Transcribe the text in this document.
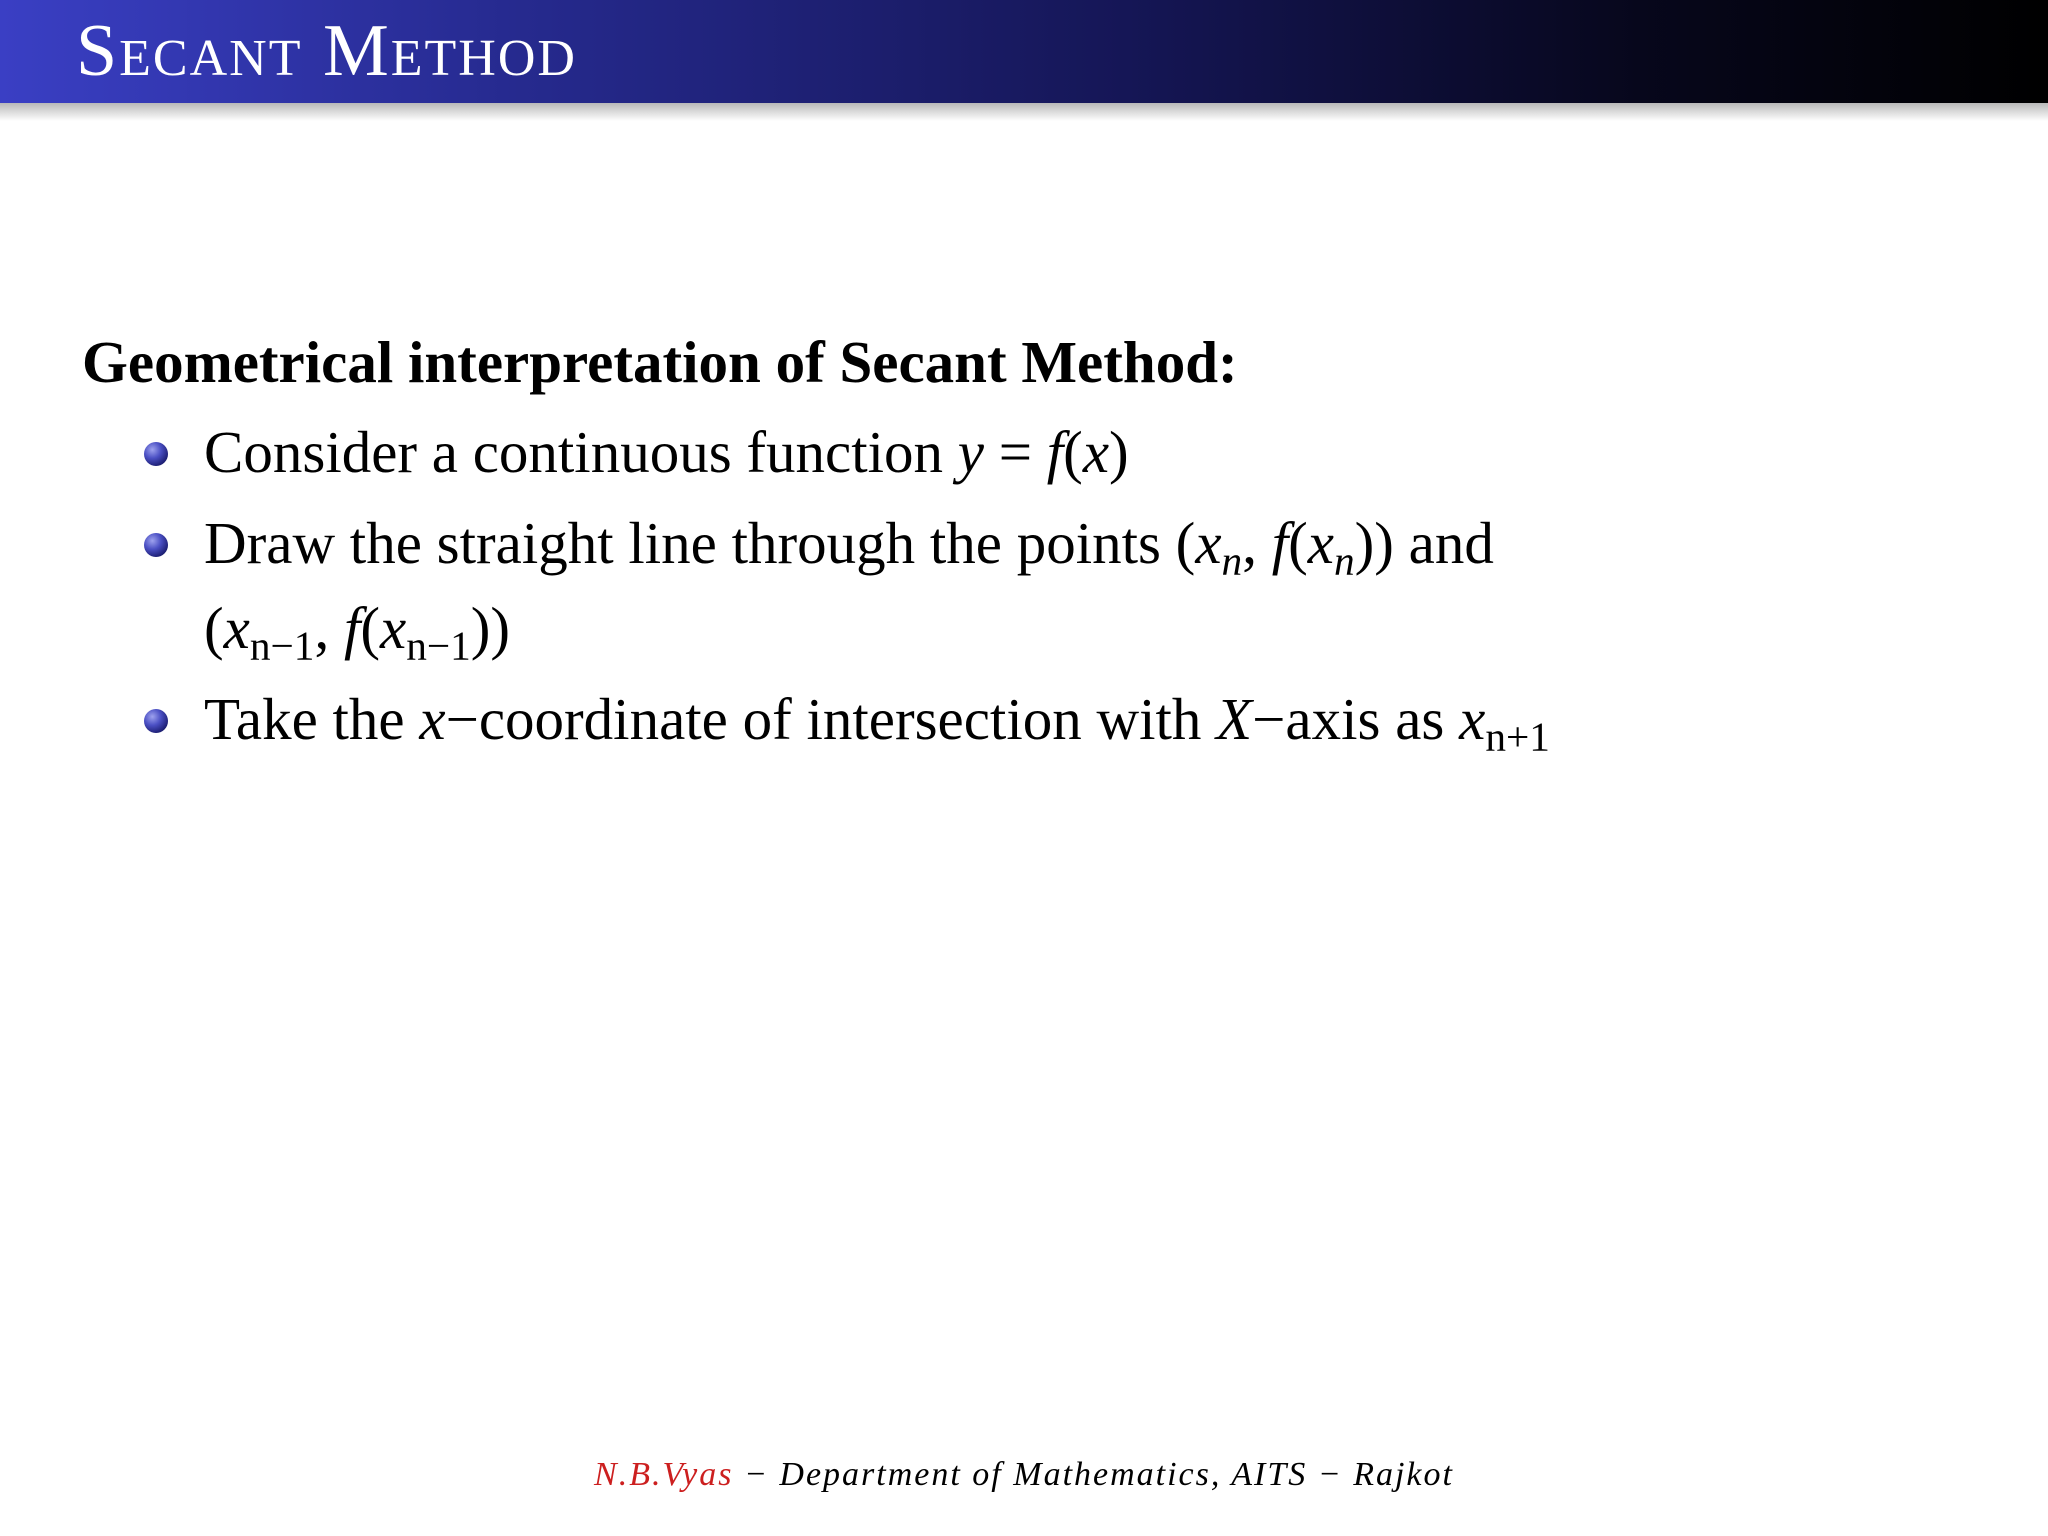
Secant Method

Geometrical interpretation of Secant Method:

Consider a continuous function y = f(x)
Draw the straight line through the points ($x_n$, $f(x_n)$) and
($x_{n-1}$, $f(x_{n-1})$)
Take the x−coordinate of intersection with X−axis as $x_{n+1}$
N.B.Vyas − Department of Mathematics, AITS − Rajkot
